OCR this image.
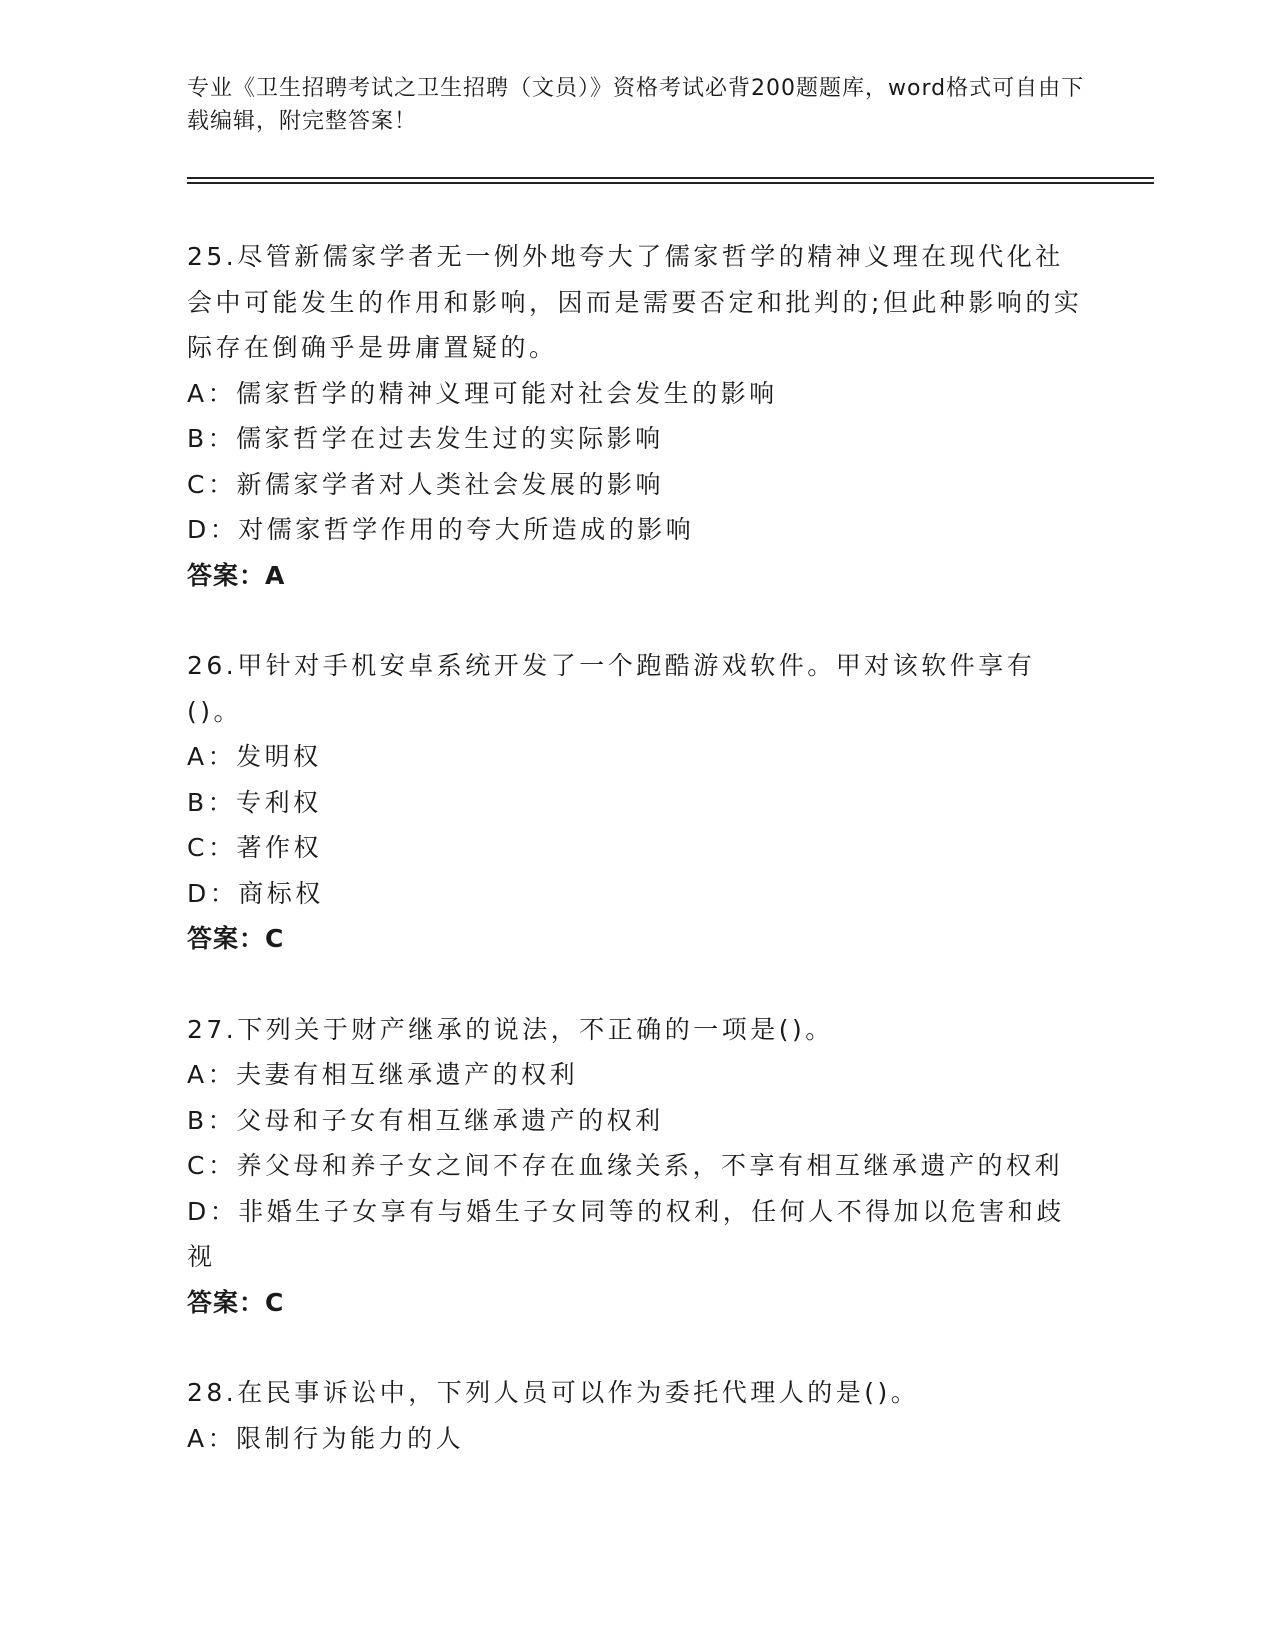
专业《卫生招聘考试之卫生招聘（文员）》资格考试必背200题题库，word格式可自由下载编辑，附完整答案！
25.尽管新儒家学者无一例外地夸大了儒家哲学的精神义理在现代化社会中可能发生的作用和影响，因而是需要否定和批判的;但此种影响的实际存在倒确乎是毋庸置疑的。
A：儒家哲学的精神义理可能对社会发生的影响
B：儒家哲学在过去发生过的实际影响
C：新儒家学者对人类社会发展的影响
D：对儒家哲学作用的夸大所造成的影响
答案：A
26.甲针对手机安卓系统开发了一个跑酷游戏软件。甲对该软件享有()。
A：发明权
B：专利权
C：著作权
D：商标权
答案：C
27.下列关于财产继承的说法，不正确的一项是()。
A：夫妻有相互继承遗产的权利
B：父母和子女有相互继承遗产的权利
C：养父母和养子女之间不存在血缘关系，不享有相互继承遗产的权利
D：非婚生子女享有与婚生子女同等的权利，任何人不得加以危害和歧视
答案：C
28.在民事诉讼中，下列人员可以作为委托代理人的是()。
A：限制行为能力的人
